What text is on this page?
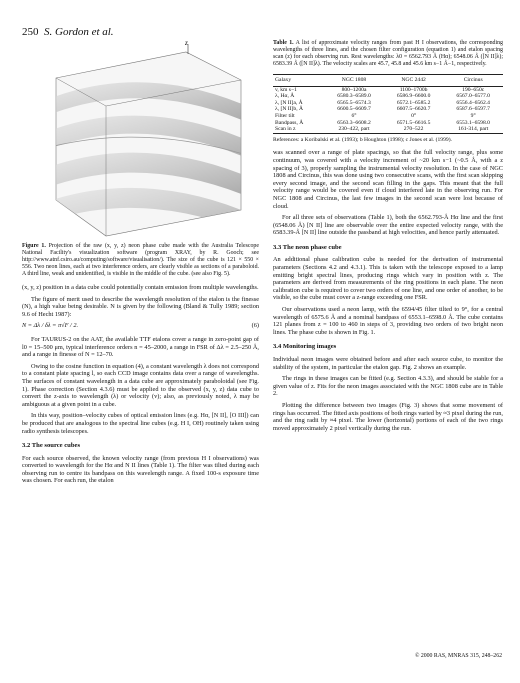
250 S. Gordon et al.
z
Figure 1. Projection of the raw (x, y, z) neon phase cube made with the Australia Telescope National Facility's visualization software (program XRAY, by R. Gooch; see http://www.atnf.csiro.au/computing/software/visualisation/). The size of the cube is 121 × 550 × 556. Two neon lines, each at two interference orders, are clearly visible as sections of a paraboloid. A third line, weak and unidentified, is visible in the middle of the cube. (see also Fig. 5).

(x, y, z) position in a data cube could potentially contain emission from multiple wavelengths.

The figure of merit used to describe the wavelength resolution of the etalon is the finesse (N), a high value being desirable. N is given by the following (Bland & Tully 1989; section 9.6 of Hecht 1987):

N = Δλ / δλ = π√F / 2.	(6)

For TAURUS-2 on the AAT, the available TTF etalons cover a range in zero-point gap of l0 = 15–500 μm, typical interference orders n = 45–2000, a range in FSR of Δλ = 2.5–250 Å, and a range in finesse of N = 12–70.

Owing to the cosine function in equation (4), a constant wavelength λ does not correspond to a constant plate spacing l, so each CCD image contains data over a range of wavelengths. The surfaces of constant wavelength in a data cube are approximately paraboloidal (see Fig. 1). Phase correction (Section 4.3.6) must be applied to the observed (x, y, z) data cube to convert the z-axis to wavelength (λ) or velocity (v); also, as previously noted, λ may be ambiguous at a given point in a cube.

In this way, position–velocity cubes of optical emission lines (e.g. Hα, [N II], [O III]) can be produced that are analogous to the spectral line cubes (e.g. H I, OH) routinely taken using radio synthesis telescopes.

3.2 The source cubes

For each source observed, the known velocity range (from previous H I observations) was converted to wavelength for the Hα and N II lines (Table 1). The filter was tilted during each observing run to centre its bandpass on this wavelength range. A fixed 100-s exposure time was chosen. For each run, the etalon

Table 1. A list of approximate velocity ranges from past H I observations, the corresponding wavelengths of three lines, and the chosen filter configuration (equation 1) and etalon spacing scan (z) for each observing run. Rest wavelengths: λ0 = 6562.793 Å (Hα); 6548.06 Å ([N II]λ); 6583.39 Å ([N II]λ). The velocity scales are 45.7, 45.8 and 45.6 km s−1 Å−1, respectively.
Galaxy	NGC 1808	NGC 2442	Circinus
v, km s−1	800–1200a	1100–1700b	190–650c
λ, Hα, Å	6580.3–6589.0	6586.9–6600.0	6567.0–6577.0
λ, [N II]a, Å	6565.5–6574.3	6572.1–6585.2	6556.4–6562.4
λ, [N II]b, Å	6600.5–6609.7	6607.5–6620.7	6587.6–6597.7
Filter tilt	6°	0°	9°
Bandpass, Å	6563.3–6608.2	6571.5–6616.5	6553.1–6598.0
Scan in z	230–422, part	270–522	161-314, part
References: a Koribalski et al. (1993); b Houghton (1998); c Jones et al. (1999).

was scanned over a range of plate spacings, so that the full velocity range, plus some continuum, was covered with a velocity increment of ~20 km s−1 (~0.5 Å, with a z spacing of 3), properly sampling the instrumental velocity resolution. In the case of NGC 1808 and Circinus, this was done using two consecutive scans, with the first scan skipping every second image, and the second scan filling in the gaps. This meant that the full velocity range would be covered even if cloud interfered late in the observing run. For NGC 1808 and Circinus, the last few images in the second scan were lost because of cloud.

For all three sets of observations (Table 1), both the 6562.793-Å Hα line and the first (6548.06 Å) [N II] line are observable over the entire expected velocity range, with the 6583.39-Å [N II] line outside the passband at high velocities, and hence partly attenuated.

3.3 The neon phase cube

An additional phase calibration cube is needed for the derivation of instrumental parameters (Sections 4.2 and 4.3.1). This is taken with the telescope exposed to a lamp emitting bright spectral lines, producing rings which vary in position with z. The parameters are derived from measurements of the ring positions in each plane. The neon calibration cube is required to cover two orders of one line, and one order of another, to be visible, so the cube must cover a z-range exceeding one FSR.

Our observations used a neon lamp, with the 6594/45 filter tilted to 9°, for a central wavelength of 6575.6 Å and a nominal bandpass of 6553.1–6598.0 Å. The cube contains 121 planes from z = 100 to 460 in steps of 3, providing two orders of two bright neon lines. The phase cube is shown in Fig. 1.

3.4 Monitoring images

Individual neon images were obtained before and after each source cube, to monitor the stability of the system, in particular the etalon gap. Fig. 2 shows an example.

The rings in these images can be fitted (e.g. Section 4.3.3), and should be stable for a given value of z. Fits for the neon images associated with the NGC 1808 cube are in Table 2.

Plotting the difference between two images (Fig. 3) shows that some movement of rings has occurred. The fitted axis positions of both rings varied by ≈3 pixel during the run, and the ring radii by ≈4 pixel. The lower (horizontal) portions of each of the two rings moved approximately 2 pixel vertically during the run.

© 2000 RAS, MNRAS 315, 248–262
